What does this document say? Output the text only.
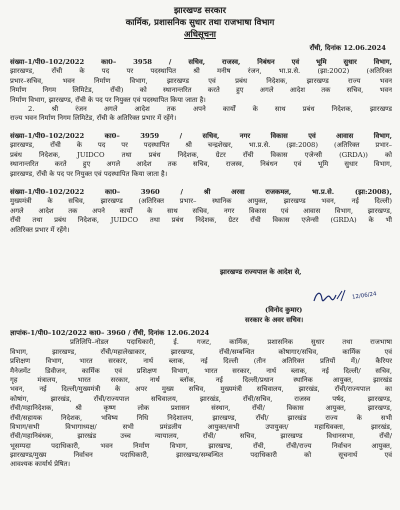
झारखण्ड सरकार
कार्मिक, प्रशासनिक सुधार तथा राजभाषा विभाग
अधिसूचना
राँची, दिनांक 12.06.2024
संख्या–1/पी0–102/2022 का0– 3958 / सचिव, राजस्व, निबंधन एवं भूमि सुधार विभाग,
झारखण्ड, राँची के पद पर पदस्थापित श्री मनीष रंजन, भा.प्र.से. (झा:2002) (अतिरिक्त
प्रभार–सचिव, भवन निर्माण विभाग, झारखण्ड एवं प्रबंध निदेशक, झारखण्ड राज्य भवन
निर्माण निगम लिमिटेड, राँची) को स्थानान्तरित करते हुए अगले आदेश तक सचिव, भवन
निर्माण विभाग, झारखण्ड, राँची के पद पर नियुक्त एवं पदस्थापित किया जाता है।
2. श्री रंजन अगले आदेश तक अपने कार्यों के साथ प्रबंध निदेशक, झारखण्ड
राज्य भवन निर्माण निगम लिमिटेड, राँची के अतिरिक्त प्रभार में रहेंगे।
संख्या–1/पी0–102/2022 का0– 3959 / सचिव, नगर विकास एवं आवास विभाग,
झारखण्ड, राँची के पद पर पदस्थापित श्री चन्द्रशेखर, भा.प्र.से. (झा:2008) (अतिरिक्त प्रभार–
प्रबंध निदेशक, JUIDCO तथा प्रबंध निदेशक, ग्रेटर राँची विकास एजेन्सी (GRDA)) को
स्थानान्तरित करते हुए अगले आदेश तक सचिव, राजस्व, निबंधन एवं भूमि सुधार विभाग,
झारखण्ड, राँची के पद पर नियुक्त एवं पदस्थापित किया जाता है।
संख्या–1/पी0–102/2022 का0– 3960 / श्री अरवा राजकमल, भा.प्र.से. (झा:2008),
मुख्यमंत्री के सचिव, झारखण्ड (अतिरिक्त प्रभार– स्थानिक आयुक्त, झारखण्ड भवन, नई दिल्ली)
अगले आदेश तक अपने कार्यों के साथ सचिव, नगर विकास एवं आवास विभाग, झारखण्ड,
राँची तथा प्रबंध निदेशक, JUIDCO तथा प्रबंध निदेशक, ग्रेटर राँची विकास एजेन्सी (GRDA) के भी
अतिरिक्त प्रभार में रहेंगे।
झारखण्ड राज्यपाल के आदेश से,
12/06/24
(विनोद कुमार)
सरकार के अवर सचिव।
ज्ञापांक–1/पी0–102/2022 का0– 3960 / राँची, दिनांक 12.06.2024
प्रतिलिपि–नोडल पदाधिकारी, ई. गजट, कार्मिक, प्रशासनिक सुधार तथा राजभाषा
विभाग, झारखण्ड, राँची/महालेखाकार, झारखण्ड, राँची/सम्बन्धित कोषागार/सचिव, कार्मिक एवं
प्रशिक्षण विभाग, भारत सरकार, नार्थ ब्लाक, नई दिल्ली (तीन अतिरिक्त प्रतियों में)/ कैरियर
मैनेजमेंट डिवीजन, कार्मिक एवं प्रशिक्षण विभाग, भारत सरकार, नार्थ ब्लाक, नई दिल्ली/ सचिव,
गृह मंत्रालय, भारत सरकार, नार्थ ब्लॉक, नई दिल्ली/प्रधान स्थानिक आयुक्त, झारखंड
भवन, नई दिल्ली/मुख्यमंत्री के अपर मुख्य सचिव, मुख्यमंत्री सचिवालय, झारखंड, राँची/राज्यपाल का
कोषांग, झारखंड, राँची/राज्यपाल सचिवालय, झारखंड, राँची/सचिव, राजस्व पर्षद, झारखण्ड,
राँची/महानिदेशक, श्री कृष्ण लोक प्रशासन संस्थान, राँची/ विकास आयुक्त, झारखण्ड,
राँची/सहायक निदेशक, भविष्य निधि निदेशालय, झारखण्ड, राँची/ झारखंड राज्य के सभी
विभाग/सभी विभागाध्यक्ष/ सभी प्रमंडलीय आयुक्त/सभी उपायुक्त/ महाधिवक्ता, झारखंड,
राँची/महानिबंधक, झारखंड उच्च न्यायालय, राँची/ सचिव, झारखण्ड विधानसभा, राँची/
भूसम्पदा पदाधिकारी, भवन निर्माण विभाग, झारखण्ड, राँची, राँची/राज्य निर्वाचन आयुक्त,
झारखण्ड/मुख्य निर्वाचन पदाधिकारी, झारखण्ड/सम्बन्धित पदाधिकारी को सूचनार्थ एवं
आवश्यक कार्यार्थ प्रेषित।
